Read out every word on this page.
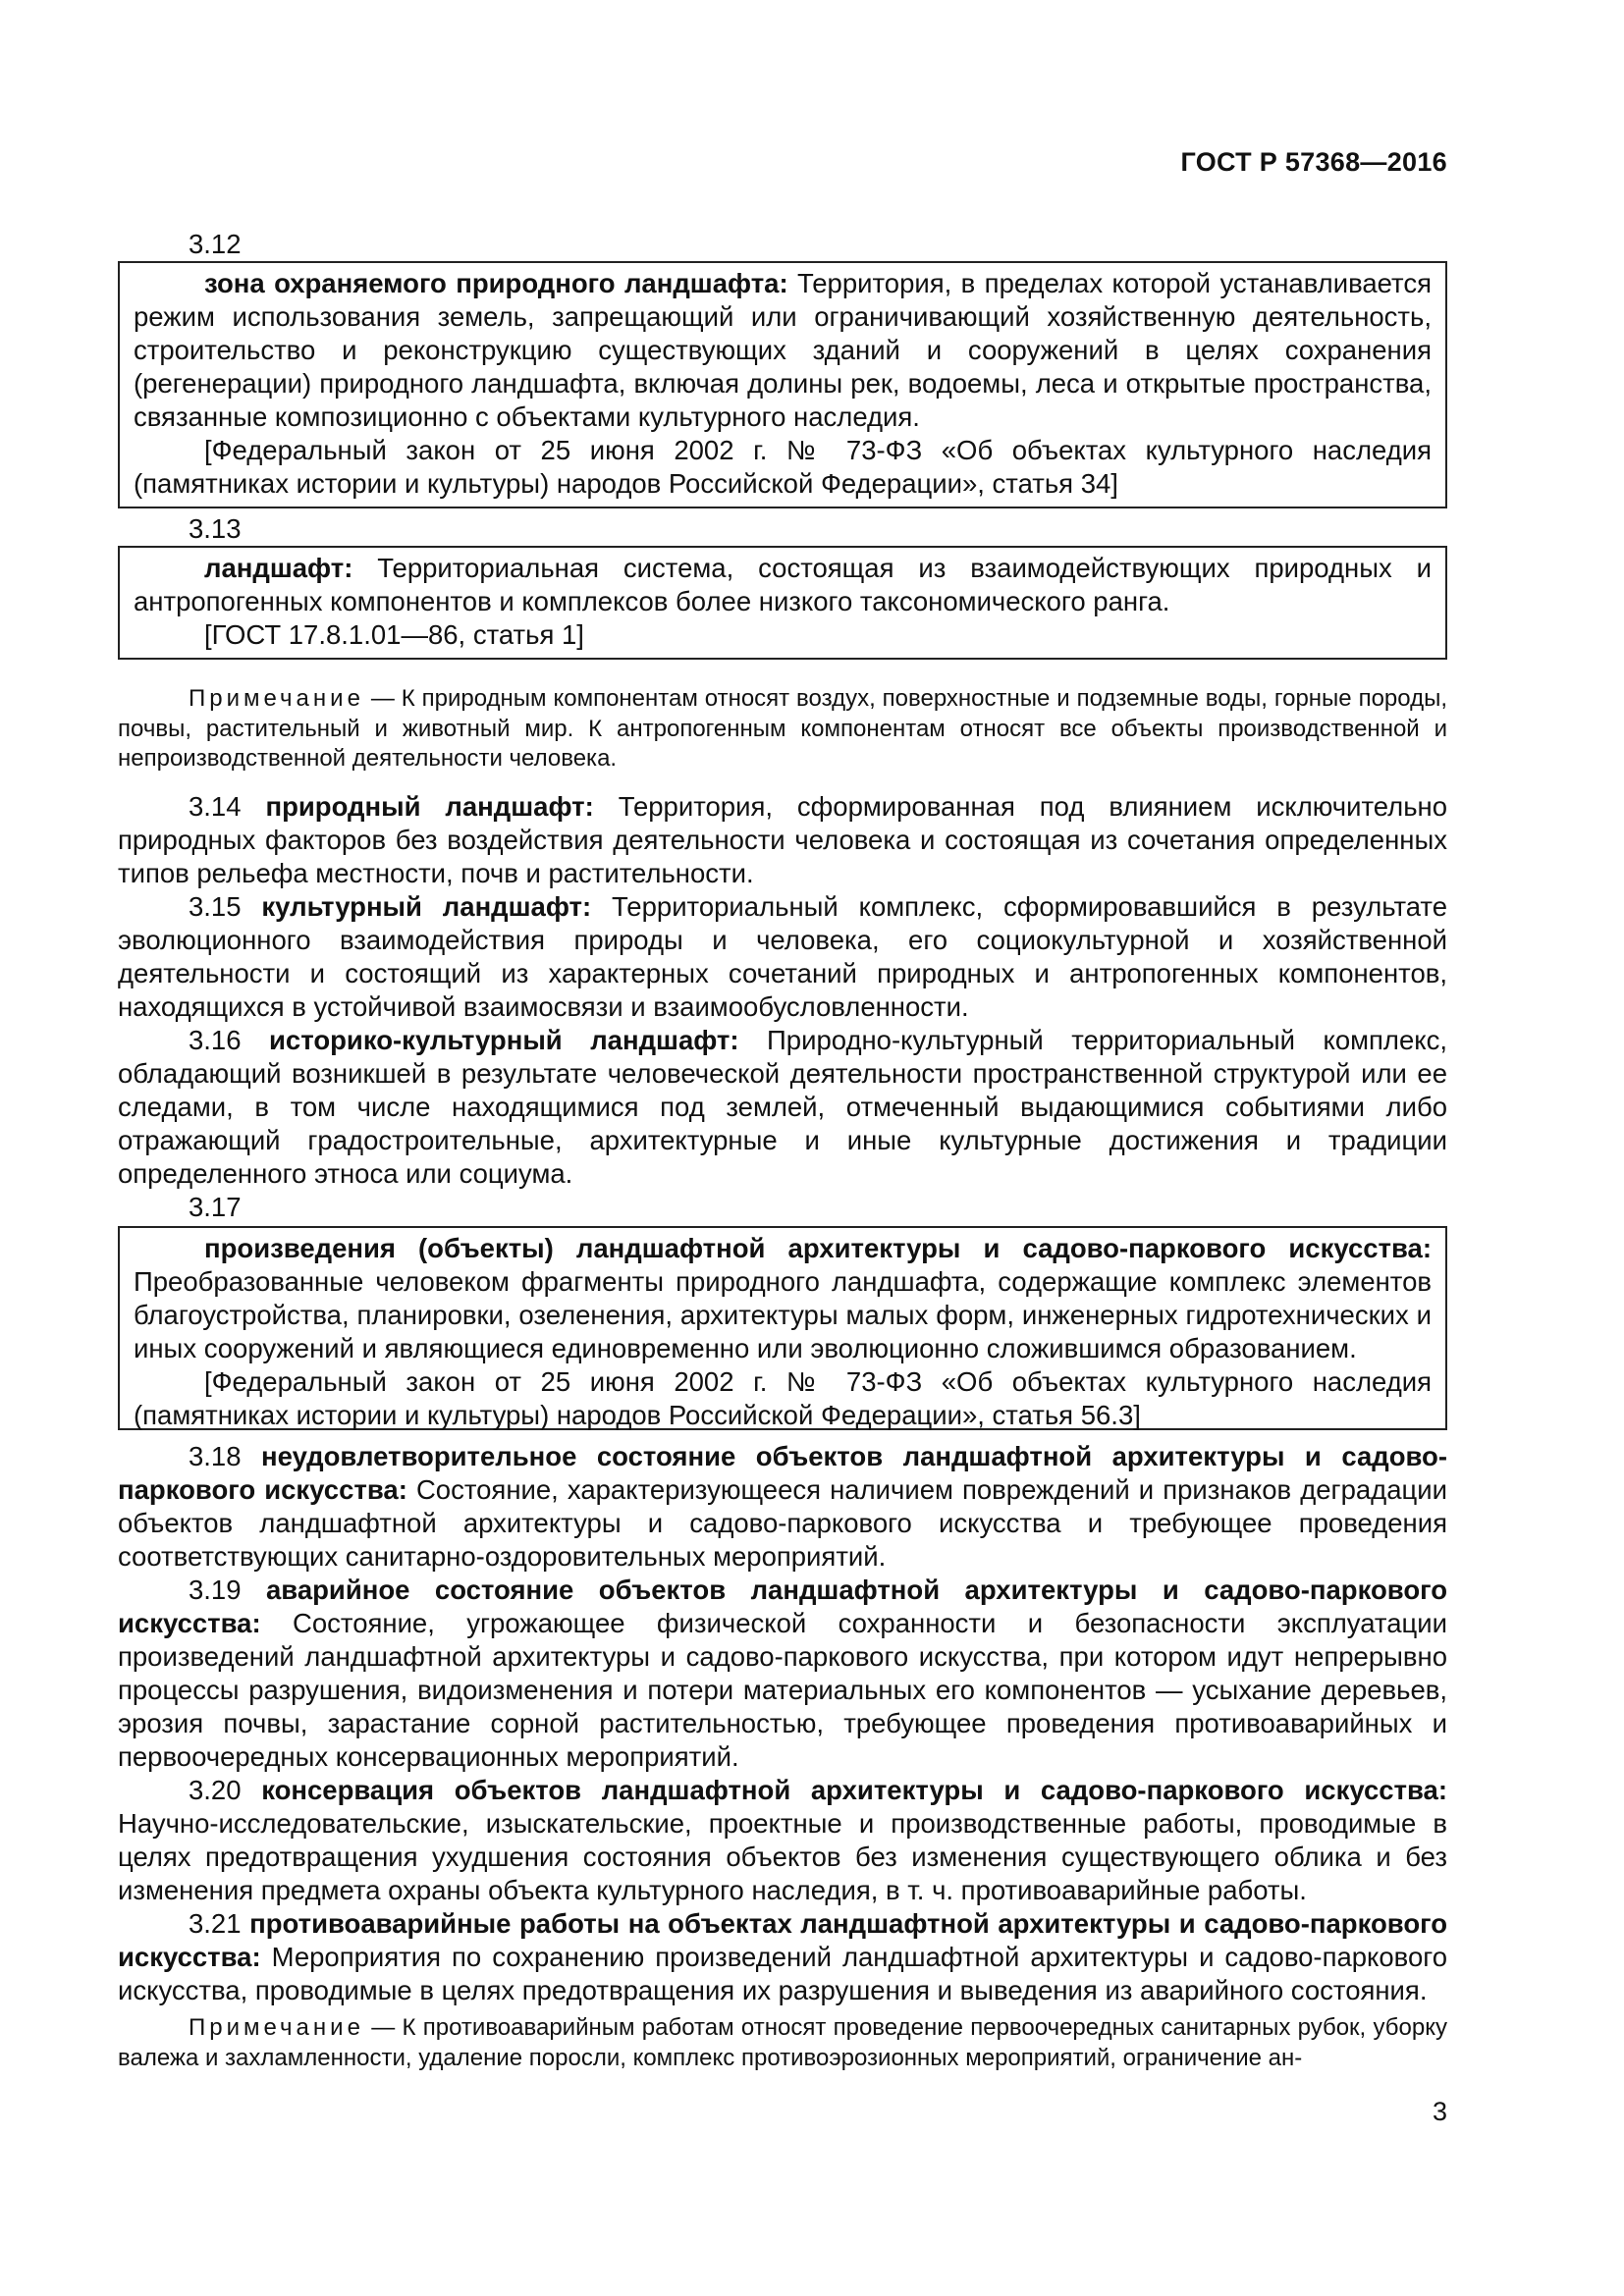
ГОСТ Р 57368—2016
3.12

зона охраняемого природного ландшафта: Территория, в пределах которой устанавливается режим использования земель, запрещающий или ограничивающий хозяйственную деятельность, строительство и реконструкцию существующих зданий и сооружений в целях сохранения (регенерации) природного ландшафта, включая долины рек, водоемы, леса и открытые пространства, связанные композиционно с объектами культурного наследия.

[Федеральный закон от 25 июня 2002 г. № 73-ФЗ «Об объектах культурного наследия (памятниках истории и культуры) народов Российской Федерации», статья 34]

3.13

ландшафт: Территориальная система, состоящая из взаимодействующих природных и антропогенных компонентов и комплексов более низкого таксономического ранга.

[ГОСТ 17.8.1.01—86, статья 1]

Примечание — К природным компонентам относят воздух, поверхностные и подземные воды, горные породы, почвы, растительный и животный мир. К антропогенным компонентам относят все объекты производственной и непроизводственной деятельности человека.

3.14 природный ландшафт: Территория, сформированная под влиянием исключительно природных факторов без воздействия деятельности человека и состоящая из сочетания определенных типов рельефа местности, почв и растительности.

3.15 культурный ландшафт: Территориальный комплекс, сформировавшийся в результате эволюционного взаимодействия природы и человека, его социокультурной и хозяйственной деятельности и состоящий из характерных сочетаний природных и антропогенных компонентов, находящихся в устойчивой взаимосвязи и взаимообусловленности.

3.16 историко-культурный ландшафт: Природно-культурный территориальный комплекс, обладающий возникшей в результате человеческой деятельности пространственной структурой или ее следами, в том числе находящимися под землей, отмеченный выдающимися событиями либо отражающий градостроительные, архитектурные и иные культурные достижения и традиции определенного этноса или социума.

3.17

произведения (объекты) ландшафтной архитектуры и садово-паркового искусства: Преобразованные человеком фрагменты природного ландшафта, содержащие комплекс элементов благоустройства, планировки, озеленения, архитектуры малых форм, инженерных гидротехнических и иных сооружений и являющиеся единовременно или эволюционно сложившимся образованием.

[Федеральный закон от 25 июня 2002 г. № 73-ФЗ «Об объектах культурного наследия (памятниках истории и культуры) народов Российской Федерации», статья 56.3]

3.18 неудовлетворительное состояние объектов ландшафтной архитектуры и садово-паркового искусства: Состояние, характеризующееся наличием повреждений и признаков деградации объектов ландшафтной архитектуры и садово-паркового искусства и требующее проведения соответствующих санитарно-оздоровительных мероприятий.

3.19 аварийное состояние объектов ландшафтной архитектуры и садово-паркового искусства: Состояние, угрожающее физической сохранности и безопасности эксплуатации произведений ландшафтной архитектуры и садово-паркового искусства, при котором идут непрерывно процессы разрушения, видоизменения и потери материальных его компонентов — усыхание деревьев, эрозия почвы, зарастание сорной растительностью, требующее проведения противоаварийных и первоочередных консервационных мероприятий.

3.20 консервация объектов ландшафтной архитектуры и садово-паркового искусства: Научно-исследовательские, изыскательские, проектные и производственные работы, проводимые в целях предотвращения ухудшения состояния объектов без изменения существующего облика и без изменения предмета охраны объекта культурного наследия, в т. ч. противоаварийные работы.

3.21 противоаварийные работы на объектах ландшафтной архитектуры и садово-паркового искусства: Мероприятия по сохранению произведений ландшафтной архитектуры и садово-паркового искусства, проводимые в целях предотвращения их разрушения и выведения из аварийного состояния.

Примечание — К противоаварийным работам относят проведение первоочередных санитарных рубок, уборку валежа и захламленности, удаление поросли, комплекс противоэрозионных мероприятий, ограничение ан-

3
